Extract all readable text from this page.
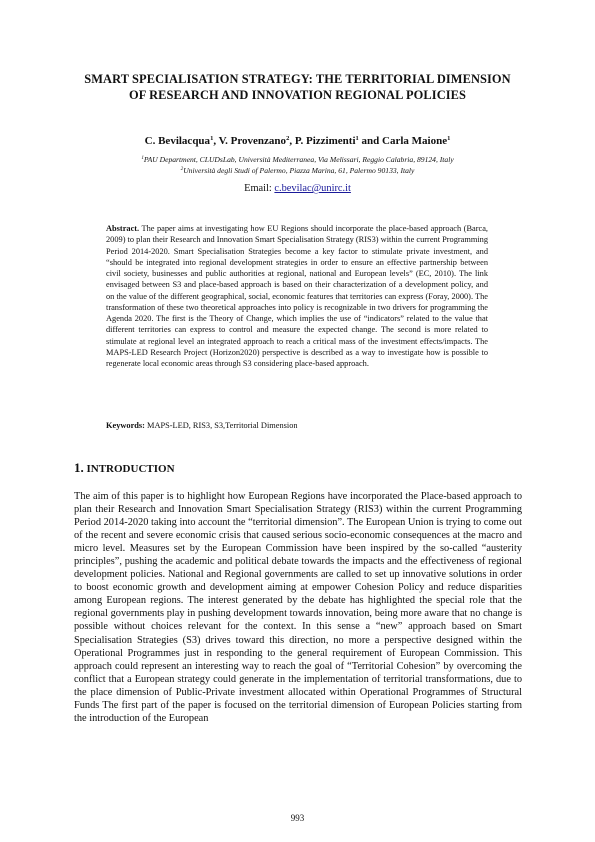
SMART SPECIALISATION STRATEGY: THE TERRITORIAL DIMENSION OF RESEARCH AND INNOVATION REGIONAL POLICIES

C. Bevilacqua$^1$, V. Provenzano$^2$, P. Pizzimenti$^1$ and Carla Maione$^1$

$^1$PAU Department, CLUDsLab, Università Mediterranea, Via Melissari, Reggio Calabria, 89124, Italy

$^2$Università degli Studi of Palermo, Piazza Marina, 61, Palermo 90133, Italy

Email: c.bevilac@unirc.it

Abstract. The paper aims at investigating how EU Regions should incorporate the place-based approach (Barca, 2009) to plan their Research and Innovation Smart Specialisation Strategy (RIS3) within the current Programming Period 2014-2020. Smart Specialisation Strategies become a key factor to stimulate private investment, and “should be integrated into regional development strategies in order to ensure an effective partnership between civil society, businesses and public authorities at regional, national and European levels” (EC, 2010). The link envisaged between S3 and place-based approach is based on their characterization of a development policy, and on the value of the different geographical, social, economic features that territories can express (Foray, 2000). The transformation of these two theoretical approaches into policy is recognizable in two drivers for programming the Agenda 2020. The first is the Theory of Change, which implies the use of “indicators” related to the value that different territories can express to control and measure the expected change. The second is more related to stimulate at regional level an integrated approach to reach a critical mass of the investment effects/impacts. The MAPS-LED Research Project (Horizon2020) perspective is described as a way to investigate how is possible to regenerate local economic areas through S3 considering place-based approach.

Keywords: MAPS-LED, RIS3, S3,Territorial Dimension

1. INTRODUCTION

The aim of this paper is to highlight how European Regions have incorporated the Place-based approach to plan their Research and Innovation Smart Specialisation Strategy (RIS3) within the current Programming Period 2014-2020 taking into account the “territorial dimension”. The European Union is trying to come out of the recent and severe economic crisis that caused serious socio-economic consequences at the macro and micro level. Measures set by the European Commission have been inspired by the so-called “austerity principles”, pushing the academic and political debate towards the impacts and the effectiveness of regional development policies. National and Regional governments are called to set up innovative solutions in order to boost economic growth and development aiming at empower Cohesion Policy and reduce disparities among European regions. The interest generated by the debate has highlighted the special role that the regional governments play in pushing development towards innovation, being more aware that no change is possible without choices relevant for the context. In this sense a “new” approach based on Smart Specialisation Strategies (S3) drives toward this direction, no more a perspective designed within the Operational Programmes just in responding to the general requirement of European Commission. This approach could represent an interesting way to reach the goal of “Territorial Cohesion” by overcoming the conflict that a European strategy could generate in the implementation of territorial transformations, due to the place dimension of Public-Private investment allocated within Operational Programmes of Structural Funds The first part of the paper is focused on the territorial dimension of European Policies starting from the introduction of the European

993
